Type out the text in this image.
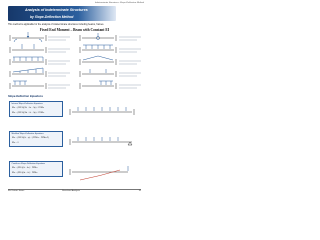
Indeterminate Structures: Slope-Deflection Method
Analysis of Indeterminate Structures
by Slope-Deflection Method
This method is applicable for the analysis of indeterminate structures including beams, frames.
Fixed End Moment – Beam with Constant EI
Slope-Deflection Equations
Internal Slope-Deflection Equations
Mₐₙ = (2EI/L)(2θₐ + θₙ − 3ψ) + FEMₐₙ
Mₙₐ = (2EI/L)(2θₙ + θₐ − 3ψ) + FEMₙₐ
Modified Slope-Deflection Equations
Mₐₙ = (3EI/L)(θₐ − ψ) + (FEMₐₙ − FEMₙₐ/2)
Mₙₐ = 0
Cantilever Slope-Deflection Equations
Mₐₙ = (EI/L)(θₐ − θₙ) + FEMₐₙ
Mₙₐ = (EI/L)(θₙ − θₐ) + FEMₙₐ
Mr. Kaiser Jones	Structural Analysis	10
